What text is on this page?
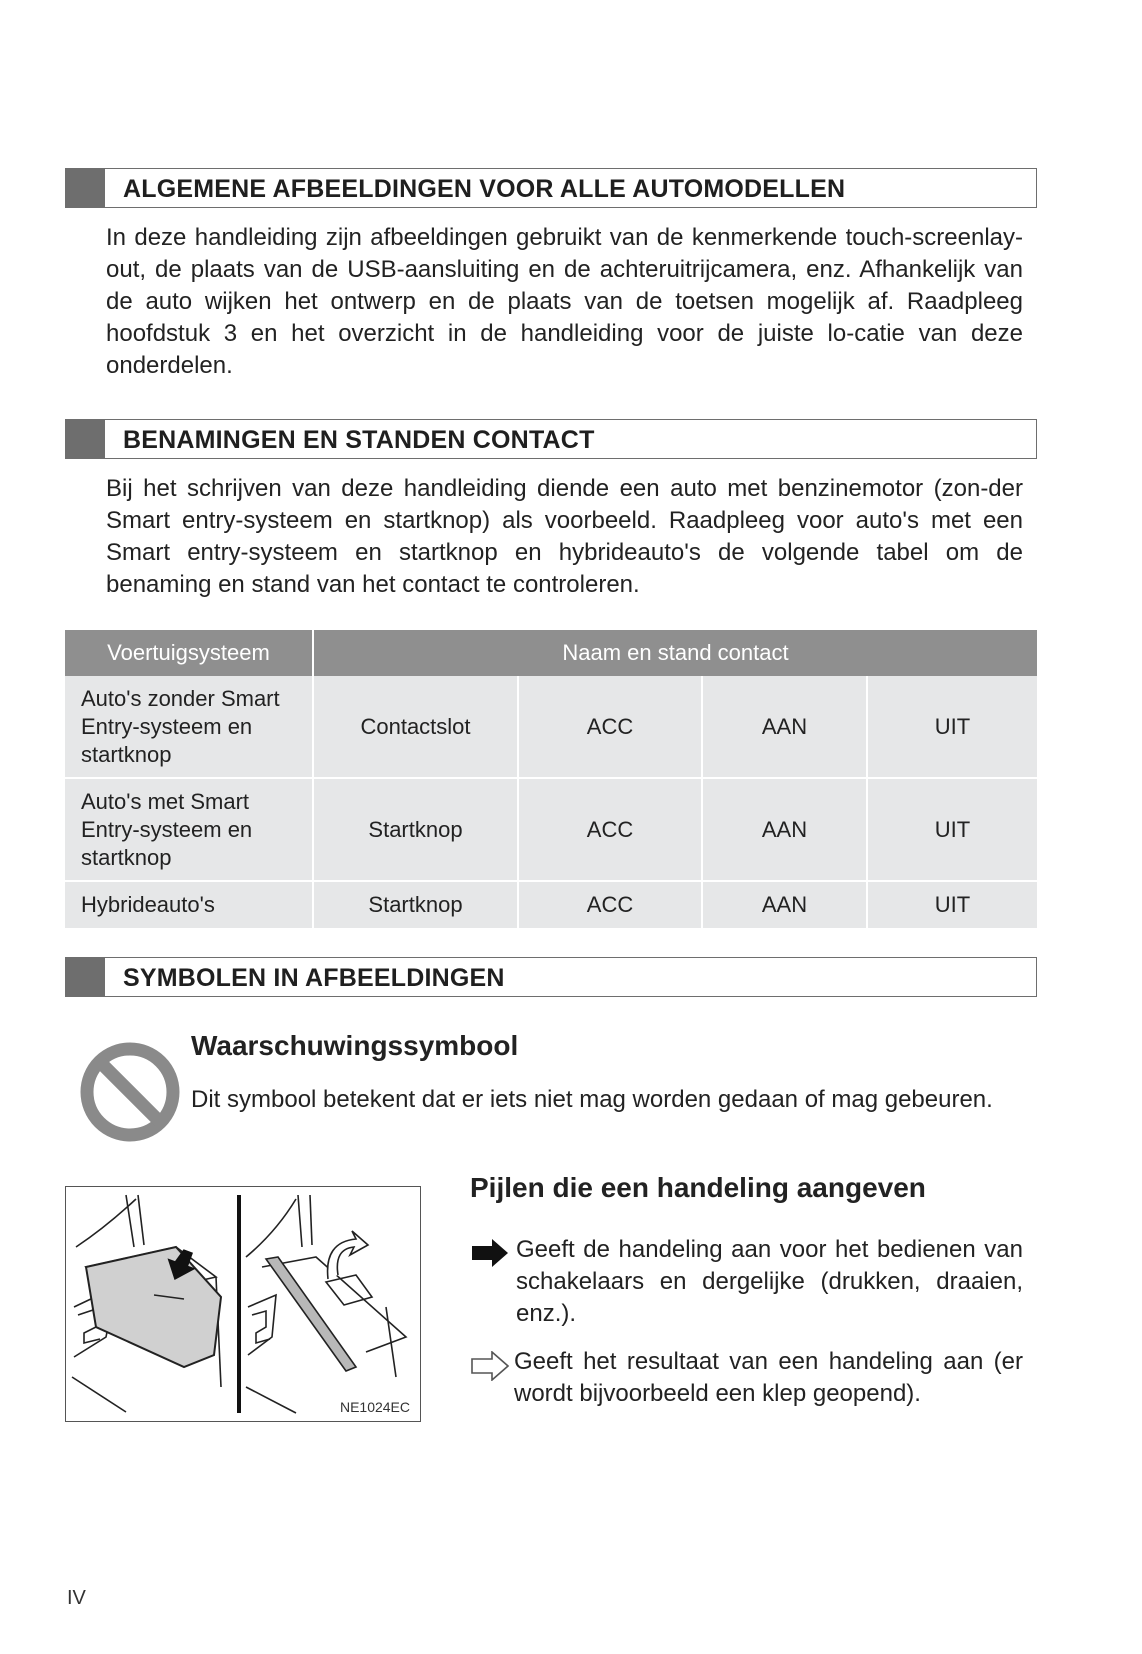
ALGEMENE AFBEELDINGEN VOOR ALLE AUTOMODELLEN

In deze handleiding zijn afbeeldingen gebruikt van de kenmerkende touch-screenlay-out, de plaats van de USB-aansluiting en de achteruitrijcamera, enz. Afhankelijk van de auto wijken het ontwerp en de plaats van de toetsen mogelijk af. Raadpleeg hoofdstuk 3 en het overzicht in de handleiding voor de juiste lo-catie van deze onderdelen.

BENAMINGEN EN STANDEN CONTACT

Bij het schrijven van deze handleiding diende een auto met benzinemotor (zon-der Smart entry-systeem en startknop) als voorbeeld. Raadpleeg voor auto's met een Smart entry-systeem en startknop en hybrideauto's de volgende tabel om de benaming en stand van het contact te controleren.

Voertuigsysteem	Naam en stand contact			
Auto's zonder Smart Entry-systeem en startknop	Contactslot	ACC	AAN	UIT
Auto's met Smart Entry-systeem en startknop	Startknop	ACC	AAN	UIT
Hybrideauto's	Startknop	ACC	AAN	UIT
SYMBOLEN IN AFBEELDINGEN
Waarschuwingssymbool

Dit symbool betekent dat er iets niet mag worden gedaan of mag gebeuren.

NE1024EC
Pijlen die een handeling aangeven

Geeft de handeling aan voor het bedienen van schakelaars en dergelijke (drukken, draaien, enz.).

Geeft het resultaat van een handeling aan (er wordt bijvoorbeeld een klep geopend).

IV
